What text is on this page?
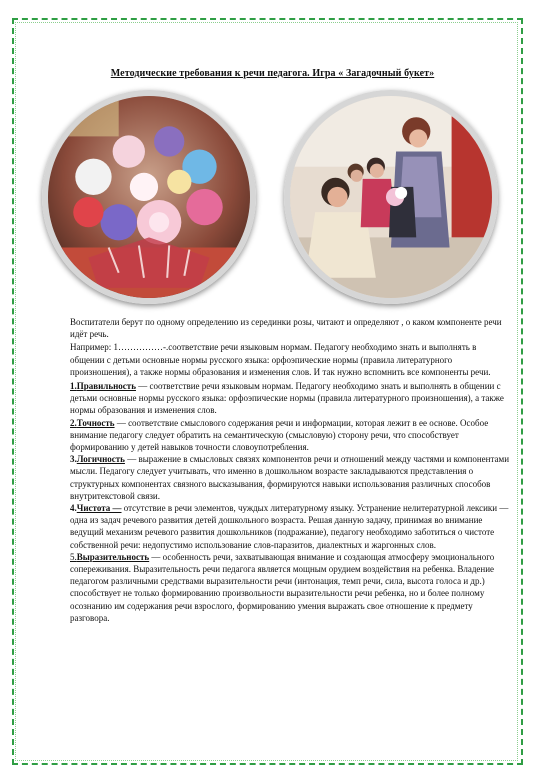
Методические требования к речи педагога. Игра « Загадочный букет»

Воспитатели берут по одному определению из серединки розы, читают и определяют , о каком компоненте речи идёт речь.

Например: 1……………-.соответствие речи языковым нормам. Педагогу необходимо знать и выполнять в общении с детьми основные нормы русского языка: орфоэпические нормы (правила литературного произношения), а также нормы образования и изменения слов. И так нужно вспомнить все компоненты речи.

1.Правильность — соответствие речи языковым нормам. Педагогу необходимо знать и выполнять в общении с детьми основные нормы русского языка: орфоэпические нормы (правила литературного произношения), а также нормы образования и изменения слов.

2.Точность — соответствие смыслового содержания речи и информации, которая лежит в ее основе. Особое внимание педагогу следует обратить на семантическую (смысловую) сторону речи, что способствует формированию у детей навыков точности словоупотребления.

3.Логичность — выражение в смысловых связях компонентов речи и отношений между частями и компонентами мысли. Педагогу следует учитывать, что именно в дошкольном возрасте закладываются представления о структурных компонентах связного высказывания, формируются навыки использования различных способов внутритекстовой связи.

4.Чистота — отсутствие в речи элементов, чуждых литературному языку. Устранение нелитературной лексики — одна из задач речевого развития детей дошкольного возраста. Решая данную задачу, принимая во внимание ведущий механизм речевого развития дошкольников (подражание), педагогу необходимо заботиться о чистоте собственной речи: недопустимо использование слов-паразитов, диалектных и жаргонных слов.

5.Выразительность — особенность речи, захватывающая внимание и создающая атмосферу эмоционального сопереживания. Выразительность речи педагога является мощным орудием воздействия на ребенка. Владение педагогом различными средствами выразительности речи (интонация, темп речи, сила, высота голоса и др.) способствует не только формированию произвольности выразительности речи ребенка, но и более полному осознанию им содержания речи взрослого, формированию умения выражать свое отношение к предмету разговора.
